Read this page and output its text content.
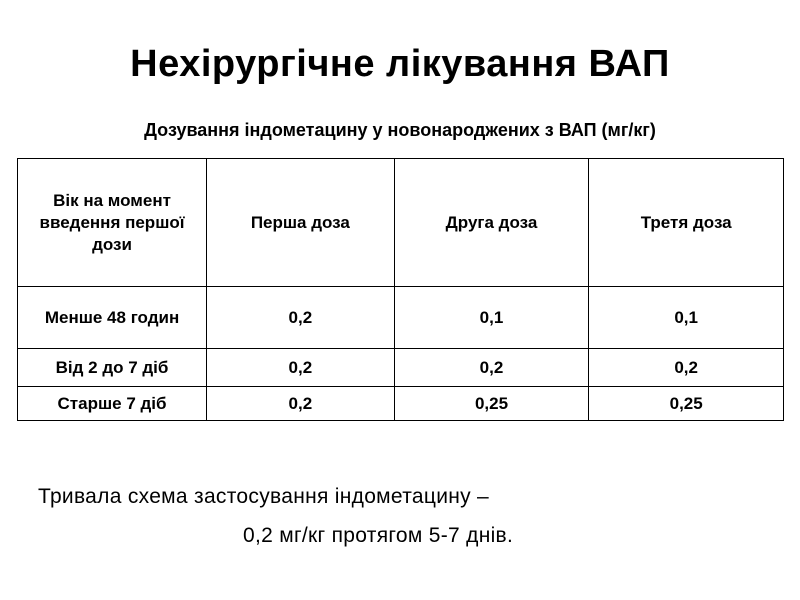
Нехірургічне лікування ВАП

Дозування індометацину у новонароджених з ВАП (мг/кг)

Вік на момент введення першої дози	Перша доза	Друга доза	Третя доза
Менше 48 годин	0,2	0,1	0,1
Від 2 до 7 діб	0,2	0,2	0,2
Старше 7 діб	0,2	0,25	0,25

Тривала схема застосування індометацину –

0,2 мг/кг протягом 5-7 днів.
